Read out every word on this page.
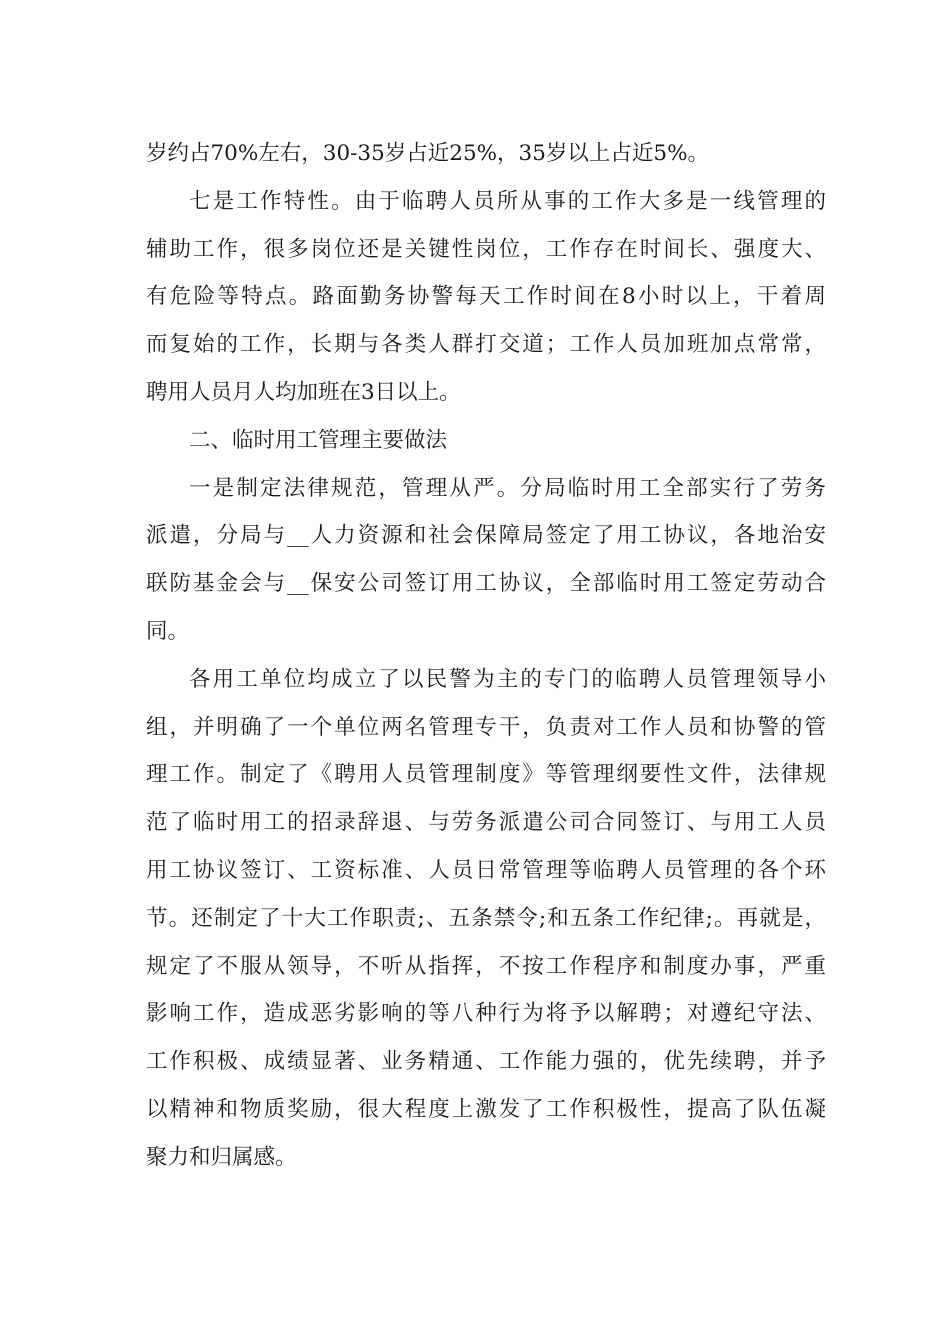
岁约占70%左右，30-35岁占近25%，35岁以上占近5%。
七是工作特性。由于临聘人员所从事的工作大多是一线管理的
辅助工作，很多岗位还是关键性岗位，工作存在时间长、强度大、
有危险等特点。路面勤务协警每天工作时间在8小时以上，干着周
而复始的工作，长期与各类人群打交道；工作人员加班加点常常，
聘用人员月人均加班在3日以上。
二、临时用工管理主要做法
一是制定法律规范，管理从严。分局临时用工全部实行了劳务
派遣，分局与__人力资源和社会保障局签定了用工协议，各地治安
联防基金会与__保安公司签订用工协议，全部临时用工签定劳动合
同。
各用工单位均成立了以民警为主的专门的临聘人员管理领导小
组，并明确了一个单位两名管理专干，负责对工作人员和协警的管
理工作。制定了《聘用人员管理制度》等管理纲要性文件，法律规
范了临时用工的招录辞退、与劳务派遣公司合同签订、与用工人员
用工协议签订、工资标准、人员日常管理等临聘人员管理的各个环
节。还制定了十大工作职责;、五条禁令;和五条工作纪律;。再就是，
规定了不服从领导，不听从指挥，不按工作程序和制度办事，严重
影响工作，造成恶劣影响的等八种行为将予以解聘；对遵纪守法、
工作积极、成绩显著、业务精通、工作能力强的，优先续聘，并予
以精神和物质奖励，很大程度上激发了工作积极性，提高了队伍凝
聚力和归属感。
